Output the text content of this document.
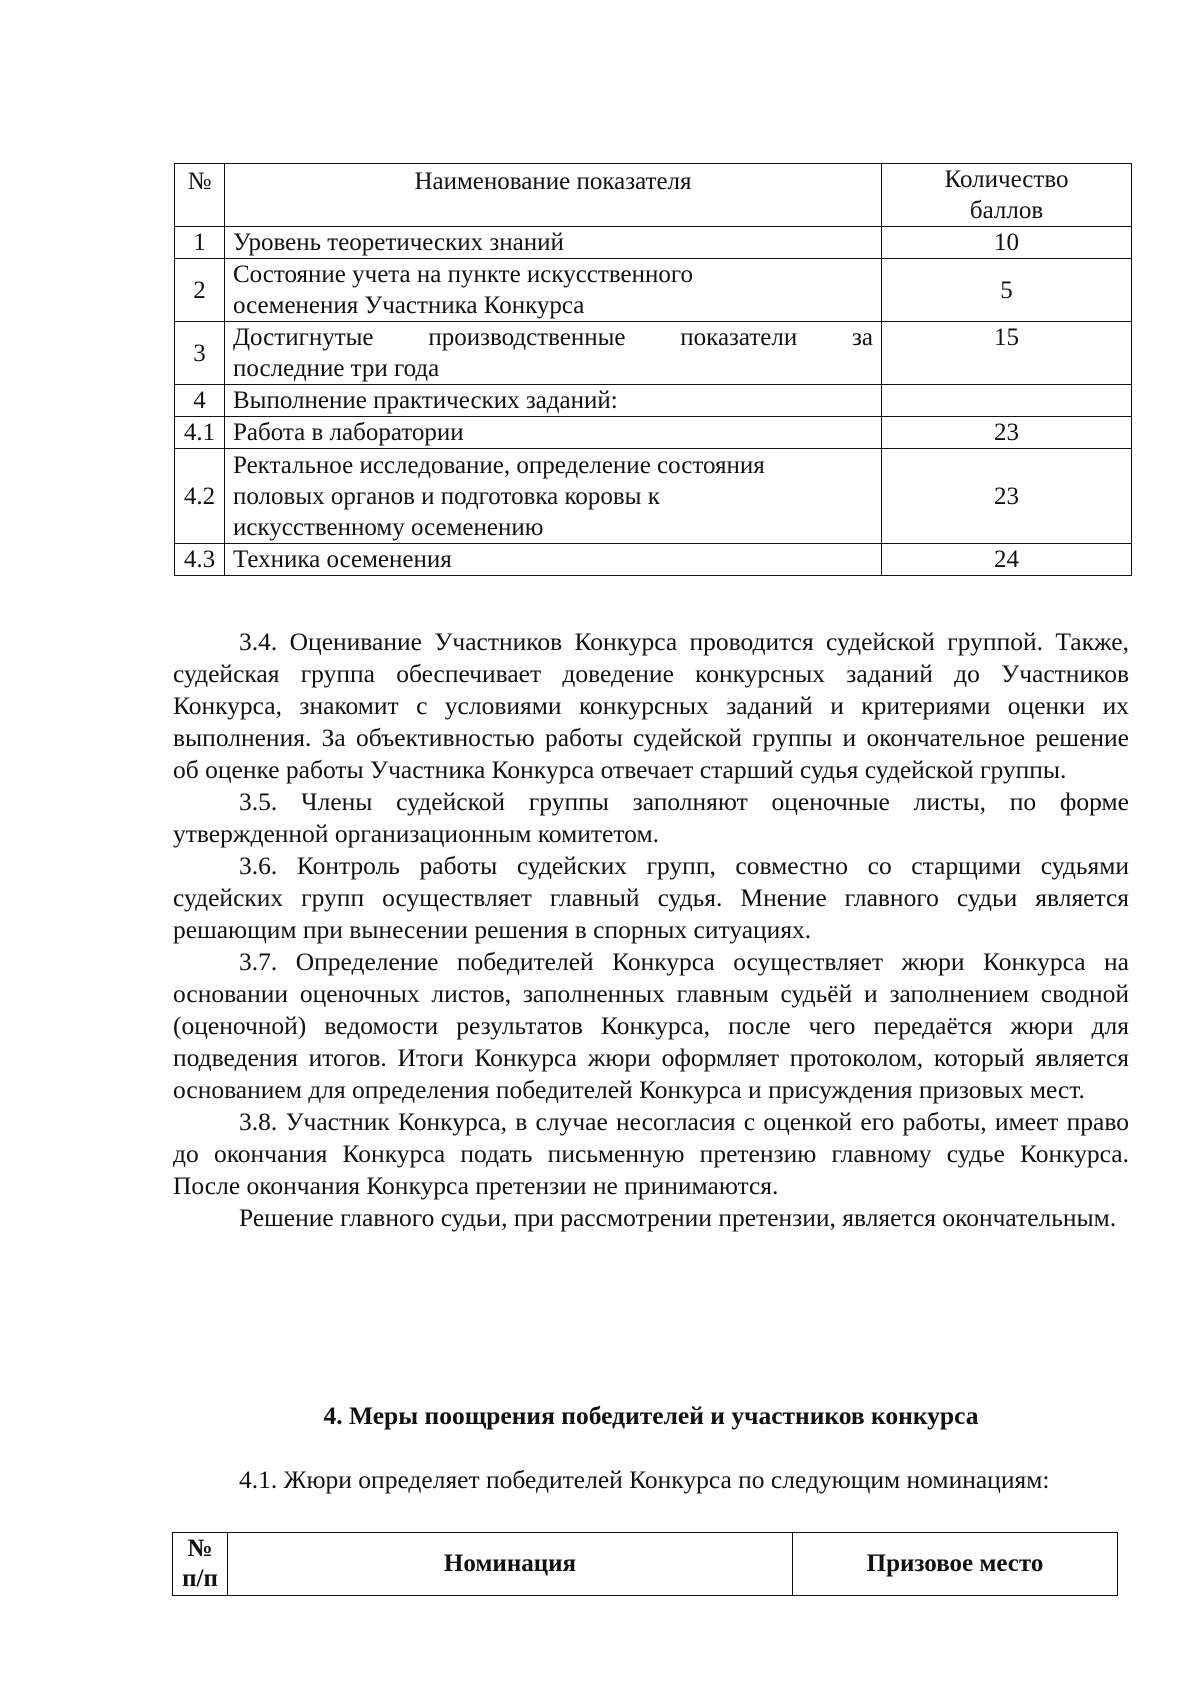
№	Наименование показателя	Количество
баллов
1	Уровень теоретических знаний	10
2	Состояние учета на пункте искусственного
осеменения Участника Конкурса	5
3	Достигнутые производственные показатели за
последние три года	15
4	Выполнение практических заданий:	
4.1	Работа в лаборатории	23
4.2	Ректальное исследование, определение состояния
половых органов и подготовка коровы к
искусственному осеменению	23
4.3	Техника осеменения	24

3.4. Оценивание Участников Конкурса проводится судейской группой. Также, судейская группа обеспечивает доведение конкурсных заданий до Участников Конкурса, знакомит с условиями конкурсных заданий и критериями оценки их выполнения. За объективностью работы судейской группы и окончательное решение об оценке работы Участника Конкурса отвечает старший судья судейской группы.

3.5. Члены судейской группы заполняют оценочные листы, по форме утвержденной организационным комитетом.

3.6. Контроль работы судейских групп, совместно со старщими судьями судейских групп осуществляет главный судья. Мнение главного судьи является решающим при вынесении решения в спорных ситуациях.

3.7. Определение победителей Конкурса осуществляет жюри Конкурса на основании оценочных листов, заполненных главным судьёй и заполнением сводной (оценочной) ведомости результатов Конкурса, после чего передаётся жюри для подведения итогов. Итоги Конкурса жюри оформляет протоколом, который является основанием для определения победителей Конкурса и присуждения призовых мест.

3.8. Участник Конкурса, в случае несогласия с оценкой его работы, имеет право до окончания Конкурса подать письменную претензию главному судье Конкурса. После окончания Конкурса претензии не принимаются.

Решение главного судьи, при рассмотрении претензии, является окончательным.

4. Меры поощрения победителей и участников конкурса
4.1. Жюри определяет победителей Конкурса по следующим номинациям:
№
п/п	Номинация	Призовое место
